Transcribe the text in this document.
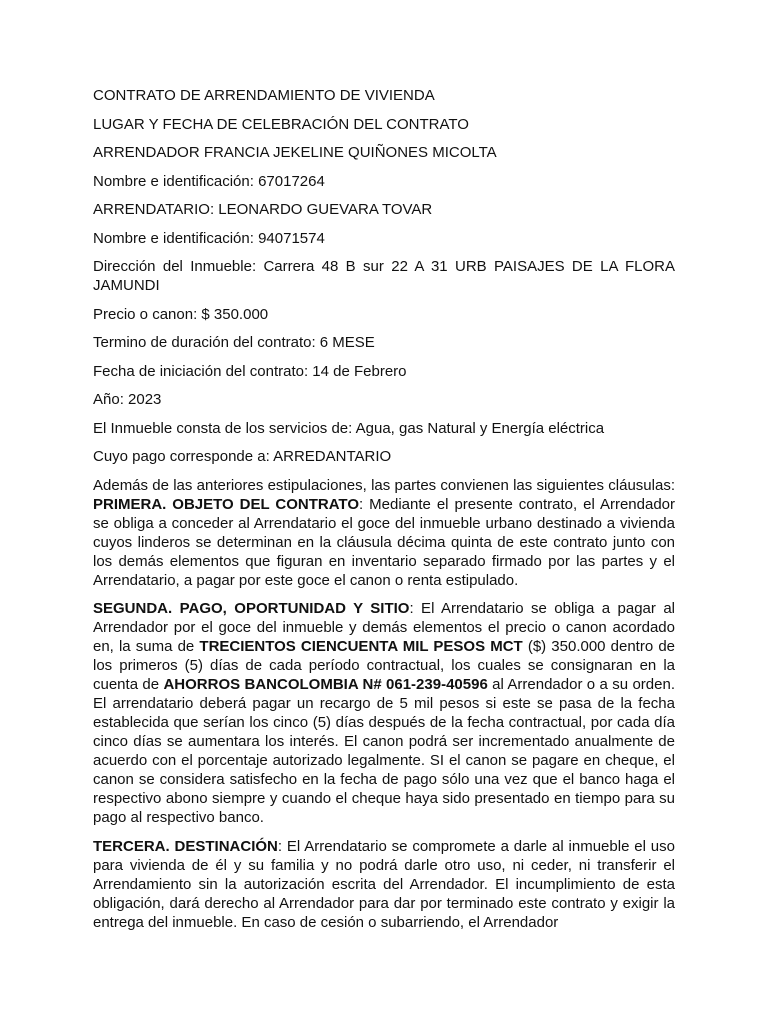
CONTRATO DE ARRENDAMIENTO DE VIVIENDA
LUGAR Y FECHA DE CELEBRACIÓN DEL CONTRATO
ARRENDADOR FRANCIA JEKELINE QUIÑONES MICOLTA
Nombre e identificación: 67017264
ARRENDATARIO: LEONARDO GUEVARA TOVAR
Nombre e identificación: 94071574
Dirección del Inmueble: Carrera 48 B sur 22 A 31 URB PAISAJES DE LA FLORA JAMUNDI
Precio o canon: $ 350.000
Termino de duración del contrato: 6 MESE
Fecha de iniciación del contrato: 14 de Febrero
Año: 2023
El Inmueble consta de los servicios de: Agua, gas Natural y Energía eléctrica
Cuyo pago corresponde a: ARREDANTARIO
Además de las anteriores estipulaciones, las partes convienen las siguientes cláusulas: PRIMERA. OBJETO DEL CONTRATO: Mediante el presente contrato, el Arrendador se obliga a conceder al Arrendatario el goce del inmueble urbano destinado a vivienda cuyos linderos se determinan en la cláusula décima quinta de este contrato junto con los demás elementos que figuran en inventario separado firmado por las partes y el Arrendatario, a pagar por este goce el canon o renta estipulado.
SEGUNDA. PAGO, OPORTUNIDAD Y SITIO: El Arrendatario se obliga a pagar al Arrendador por el goce del inmueble y demás elementos el precio o canon acordado en, la suma de TRECIENTOS CIENCUENTA MIL PESOS MCT ($) 350.000 dentro de los primeros (5) días de cada período contractual, los cuales se consignaran en la cuenta de AHORROS BANCOLOMBIA N# 061-239-40596 al Arrendador o a su orden. El arrendatario deberá pagar un recargo de 5 mil pesos si este se pasa de la fecha establecida que serían los cinco (5) días después de la fecha contractual, por cada día cinco días se aumentara los interés. El canon podrá ser incrementado anualmente de acuerdo con el porcentaje autorizado legalmente. SI el canon se pagare en cheque, el canon se considera satisfecho en la fecha de pago sólo una vez que el banco haga el respectivo abono siempre y cuando el cheque haya sido presentado en tiempo para su pago al respectivo banco.
TERCERA. DESTINACIÓN: El Arrendatario se compromete a darle al inmueble el uso para vivienda de él y su familia y no podrá darle otro uso, ni ceder, ni transferir el Arrendamiento sin la autorización escrita del Arrendador. El incumplimiento de esta obligación, dará derecho al Arrendador para dar por terminado este contrato y exigir la entrega del inmueble. En caso de cesión o subarriendo, el Arrendador
